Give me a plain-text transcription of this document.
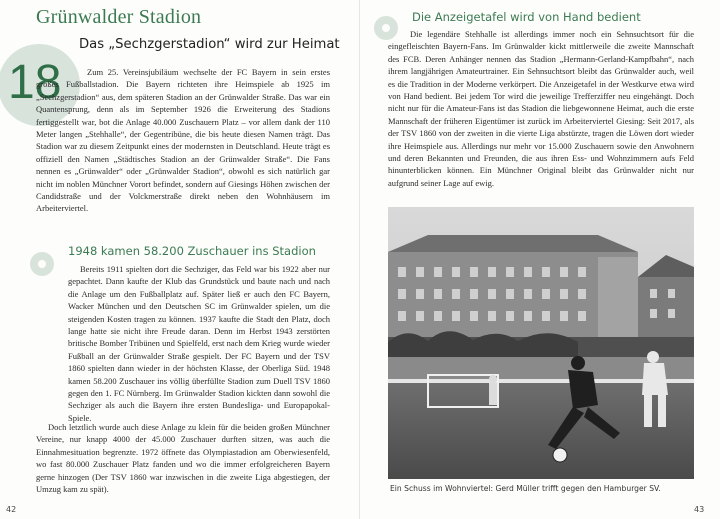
Grünwalder Stadion
Das „Sechzgerstadion“ wird zur Heimat
18	Zum 25. Vereinsjubiläum wechselte der FC Bayern in sein erstes großes Fußballstadion. Die Bayern richteten ihre Heimspiele ab 1925 im „Sechzgerstadion“ aus, dem späteren Stadion an der Grünwalder Straße. Das war ein Quantensprung, denn als im September 1926 die Erweiterung des Stadions fertiggestellt war, bot die Anlage 40.000 Zuschauern Platz – vor allem dank der 110 Meter langen „Stehhalle“, der Gegentribüne, die bis heute diesen Namen trägt. Das Stadion war zu diesem Zeitpunkt eines der modernsten in Deutschland. Heute trägt es offiziell den Namen „Städtisches Stadion an der Grünwalder Straße“. Die Fans nennen es „Grünwalder“ oder „Grünwalder Stadion“, obwohl es sich natürlich gar nicht im noblen Münchner Vorort befindet, sondern auf Giesings Höhen zwischen der Candidstraße und der Volckmerstraße direkt neben den Wohnhäusern im Arbeiterviertel.

1948 kamen 58.200 Zuschauer ins Stadion

Bereits 1911 spielten dort die Sechziger, das Feld war bis 1922 aber nur gepachtet. Dann kaufte der Klub das Grundstück und baute nach und nach die Anlage um den Fußballplatz auf. Später ließ er auch den FC Bayern, Wacker München und den Deutschen SC im Grünwalder spielen, um die steigenden Kosten tragen zu können. 1937 kaufte die Stadt den Platz, doch lange hatte sie nicht ihre Freude daran. Denn im Herbst 1943 zerstörten britische Bomber Tribünen und Spielfeld, erst nach dem Krieg wurde wieder Fußball an der Grünwalder Straße gespielt. Der FC Bayern und der TSV 1860 spielten dann wieder in der höchsten Klasse, der Oberliga Süd. 1948 kamen 58.200 Zuschauer ins völlig überfüllte Stadion zum Duell TSV 1860 gegen den 1. FC Nürnberg. Im Grünwalder Stadion kickten dann sowohl die Sechziger als auch die Bayern ihre ersten Bundesliga- und Europapokal-Spiele.

Doch letztlich wurde auch diese Anlage zu klein für die beiden großen Münchner Vereine, nur knapp 4000 der 45.000 Zuschauer durften sitzen, was auch die Einnahmesituation begrenzte. 1972 öffnete das Olympiastadion am Oberwiesenfeld, wo fast 80.000 Zuschauer Platz fanden und wo die immer erfolgreicheren Bayern gerne hinzogen (Der TSV 1860 war inzwischen in die zweite Liga abgestiegen, der Umzug kam zu spät).

42
Die Anzeigetafel wird von Hand bedient

Die legendäre Stehhalle ist allerdings immer noch ein Sehnsuchtsort für die eingefleischten Bayern-Fans. Im Grünwalder kickt mittlerweile die zweite Mannschaft des FCB. Deren Anhänger nennen das Stadion „Hermann-Gerland-Kampfbahn“, nach ihrem langjährigen Amateurtrainer. Ein Sehnsuchtsort bleibt das Grünwalder auch, weil es die Tradition in der Moderne verkörpert. Die Anzeigetafel in der Westkurve etwa wird von Hand bedient. Bei jedem Tor wird die jeweilige Trefferziffer neu eingehängt. Doch nicht nur für die Amateur-Fans ist das Stadion die liebgewonnene Heimat, auch die erste Mannschaft der früheren Eigentümer ist zurück im Arbeiterviertel Giesing: Seit 2017, als der TSV 1860 von der zweiten in die vierte Liga abstürzte, tragen die Löwen dort wieder ihre Heimspiele aus. Allerdings nur mehr vor 15.000 Zuschauern sowie den Anwohnern und deren Bekannten und Freunden, die aus ihren Ess- und Wohnzimmern aufs Feld hinunterblicken können. Ein Münchner Original bleibt das Grünwalder nicht nur aufgrund seiner Lage auf ewig.

Ein Schuss im Wohnviertel: Gerd Müller trifft gegen den Hamburger SV.
43
